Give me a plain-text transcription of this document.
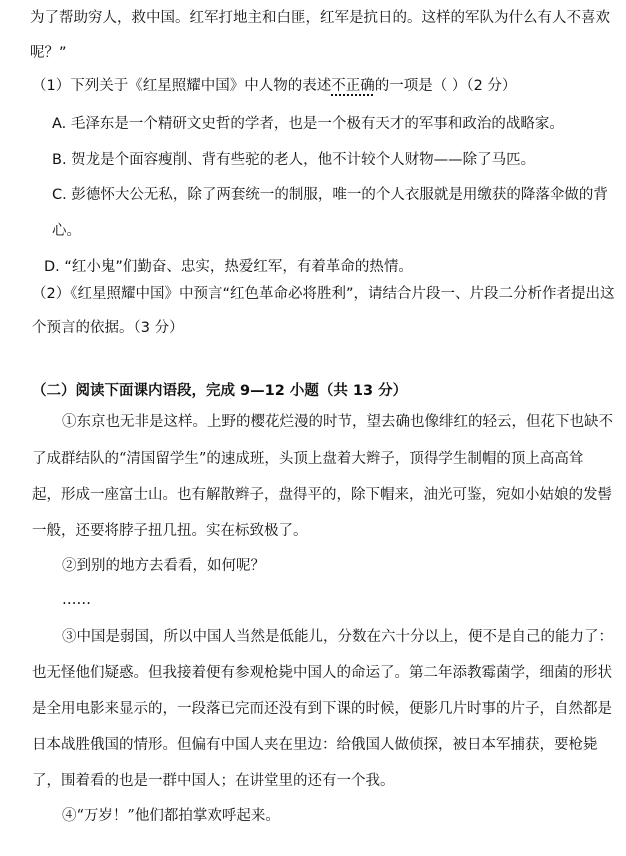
为了帮助穷人，救中国。红军打地主和白匪，红军是抗日的。这样的军队为什么有人不喜欢
呢？”
（1）下列关于《红星照耀中国》中人物的表述不正确的一项是（ ）（2 分）
A. 毛泽东是一个精研文史哲的学者，也是一个极有天才的军事和政治的战略家。
B. 贺龙是个面容瘦削、背有些驼的老人，他不计较个人财物——除了马匹。
C. 彭德怀大公无私，除了两套统一的制服，唯一的个人衣服就是用缴获的降落伞做的背
心。
D. “红小鬼”们勤奋、忠实，热爱红军，有着革命的热情。
（2）《红星照耀中国》中预言“红色革命必将胜利”，请结合片段一、片段二分析作者提出这
个预言的依据。（3 分）
（二）阅读下面课内语段，完成 9—12 小题（共 13 分）
①东京也无非是这样。上野的樱花烂漫的时节，望去确也像绯红的轻云，但花下也缺不
了成群结队的“清国留学生”的速成班，头顶上盘着大辫子，顶得学生制帽的顶上高高耸
起，形成一座富士山。也有解散辫子，盘得平的，除下帽来，油光可鉴，宛如小姑娘的发髻
一般，还要将脖子扭几扭。实在标致极了。
②到别的地方去看看，如何呢？
……
③中国是弱国，所以中国人当然是低能儿，分数在六十分以上，便不是自己的能力了：
也无怪他们疑惑。但我接着便有参观枪毙中国人的命运了。第二年添教霉菌学，细菌的形状
是全用电影来显示的，一段落已完而还没有到下课的时候，便影几片时事的片子，自然都是
日本战胜俄国的情形。但偏有中国人夹在里边：给俄国人做侦探，被日本军捕获，要枪毙
了，围着看的也是一群中国人；在讲堂里的还有一个我。
④“万岁！”他们都拍掌欢呼起来。
